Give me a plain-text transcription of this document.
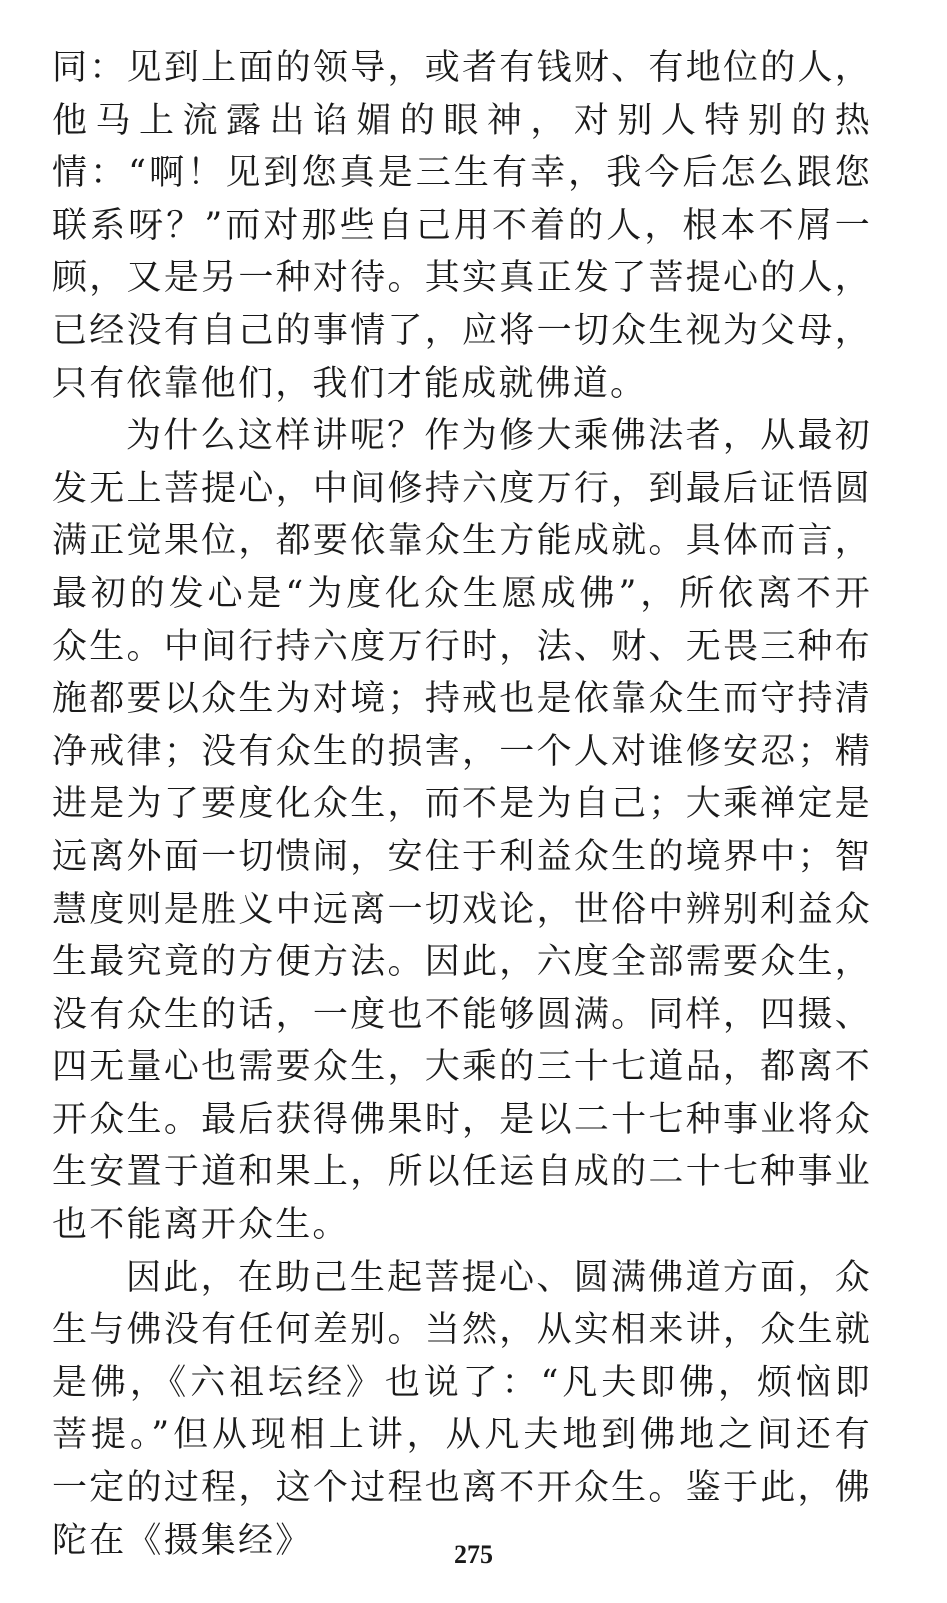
同：见到上面的领导，或者有钱财、有地位的人，他马上流露出谄媚的眼神，对别人特别的热情：“啊！见到您真是三生有幸，我今后怎么跟您联系呀？”而对那些自己用不着的人，根本不屑一顾，又是另一种对待。其实真正发了菩提心的人，已经没有自己的事情了，应将一切众生视为父母，只有依靠他们，我们才能成就佛道。

为什么这样讲呢？作为修大乘佛法者，从最初发无上菩提心，中间修持六度万行，到最后证悟圆满正觉果位，都要依靠众生方能成就。具体而言，最初的发心是“为度化众生愿成佛”，所依离不开众生。中间行持六度万行时，法、财、无畏三种布施都要以众生为对境；持戒也是依靠众生而守持清净戒律；没有众生的损害，一个人对谁修安忍；精进是为了要度化众生，而不是为自己；大乘禅定是远离外面一切愦闹，安住于利益众生的境界中；智慧度则是胜义中远离一切戏论，世俗中辨别利益众生最究竟的方便方法。因此，六度全部需要众生，没有众生的话，一度也不能够圆满。同样，四摄、四无量心也需要众生，大乘的三十七道品，都离不开众生。最后获得佛果时，是以二十七种事业将众生安置于道和果上，所以任运自成的二十七种事业也不能离开众生。

因此，在助己生起菩提心、圆满佛道方面，众生与佛没有任何差别。当然，从实相来讲，众生就是佛，《六祖坛经》也说了：“凡夫即佛，烦恼即菩提。”但从现相上讲，从凡夫地到佛地之间还有一定的过程，这个过程也离不开众生。鉴于此，佛陀在《摄集经》	275
